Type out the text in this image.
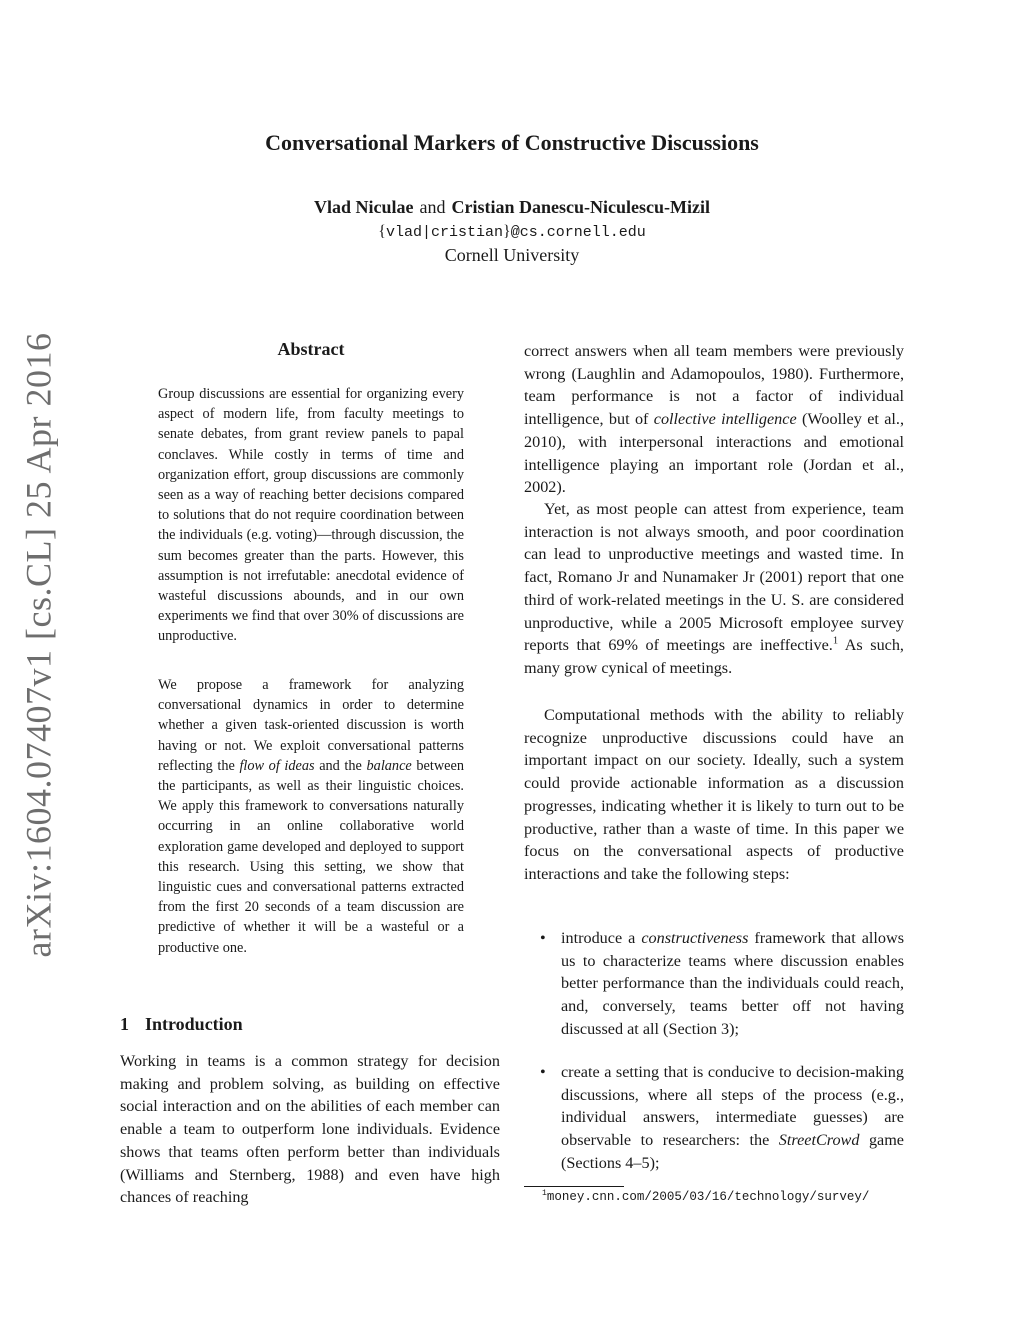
arXiv:1604.07407v1 [cs.CL] 25 Apr 2016
Conversational Markers of Constructive Discussions
Vlad Niculae and Cristian Danescu-Niculescu-Mizil
{vlad|cristian}@cs.cornell.edu
Cornell University
Abstract

Group discussions are essential for organizing every aspect of modern life, from faculty meetings to senate debates, from grant review panels to papal conclaves. While costly in terms of time and organization effort, group discussions are commonly seen as a way of reaching better decisions compared to solutions that do not require coordination between the individuals (e.g. voting)—through discussion, the sum becomes greater than the parts. However, this assumption is not irrefutable: anecdotal evidence of wasteful discussions abounds, and in our own experiments we find that over 30% of discussions are unproductive.

We propose a framework for analyzing conversational dynamics in order to determine whether a given task-oriented discussion is worth having or not. We exploit conversational patterns reflecting the flow of ideas and the balance between the participants, as well as their linguistic choices. We apply this framework to conversations naturally occurring in an online collaborative world exploration game developed and deployed to support this research. Using this setting, we show that linguistic cues and conversational patterns extracted from the first 20 seconds of a team discussion are predictive of whether it will be a wasteful or a productive one.

1 Introduction

Working in teams is a common strategy for decision making and problem solving, as building on effective social interaction and on the abilities of each member can enable a team to outperform lone individuals. Evidence shows that teams often perform better than individuals (Williams and Sternberg, 1988) and even have high chances of reaching

correct answers when all team members were previously wrong (Laughlin and Adamopoulos, 1980). Furthermore, team performance is not a factor of individual intelligence, but of collective intelligence (Woolley et al., 2010), with interpersonal interactions and emotional intelligence playing an important role (Jordan et al., 2002).

Yet, as most people can attest from experience, team interaction is not always smooth, and poor coordination can lead to unproductive meetings and wasted time. In fact, Romano Jr and Nunamaker Jr (2001) report that one third of work-related meetings in the U. S. are considered unproductive, while a 2005 Microsoft employee survey reports that 69% of meetings are ineffective.$^1$ As such, many grow cynical of meetings.

Computational methods with the ability to reliably recognize unproductive discussions could have an important impact on our society. Ideally, such a system could provide actionable information as a discussion progresses, indicating whether it is likely to turn out to be productive, rather than a waste of time. In this paper we focus on the conversational aspects of productive interactions and take the following steps:

• introduce a constructiveness framework that allows us to characterize teams where discussion enables better performance than the individuals could reach, and, conversely, teams better off not having discussed at all (Section 3);

• create a setting that is conducive to decision-making discussions, where all steps of the process (e.g., individual answers, intermediate guesses) are observable to researchers: the StreetCrowd game (Sections 4–5);

$^1$money.cnn.com/2005/03/16/technology/survey/
